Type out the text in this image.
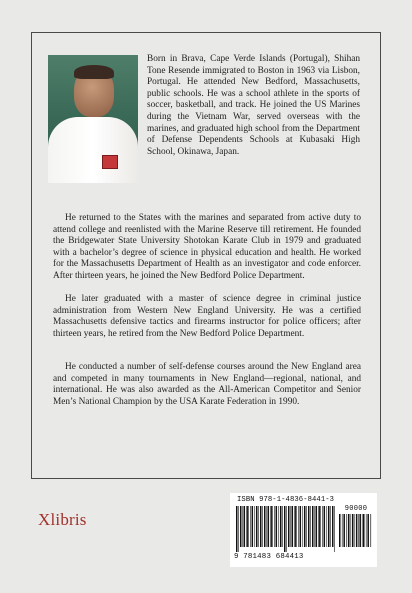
Born in Brava, Cape Verde Islands (Portugal), Shihan Tone Resende immigrated to Boston in 1963 via Lisbon, Portugal. He attended New Bedford, Massachusetts, public schools. He was a school athlete in the sports of soccer, basketball, and track. He joined the US Marines during the Vietnam War, served overseas with the marines, and graduated high school from the Department of Defense Dependents Schools at Kubasaki High School, Okinawa, Japan.

He returned to the States with the marines and separated from active duty to attend college and reenlisted with the Marine Reserve till retirement. He founded the Bridgewater State University Shotokan Karate Club in 1979 and graduated with a bachelor’s degree of science in physical education and health. He worked for the Massachusetts Department of Health as an investigator and code enforcer. After thirteen years, he joined the New Bedford Police Department.

He later graduated with a master of science degree in criminal justice administration from Western New England University. He was a certified Massachusetts defensive tactics and firearms instructor for police officers; after thirteen years, he retired from the New Bedford Police Department.

He conducted a number of self-defense courses around the New England area and competed in many tournaments in New England—regional, national, and international. He was also awarded as the All-American Competitor and Senior Men’s National Champion by the USA Karate Federation in 1990.

Xlibris
ISBN 978-1-4836-8441-3
90000
9 781483 684413
